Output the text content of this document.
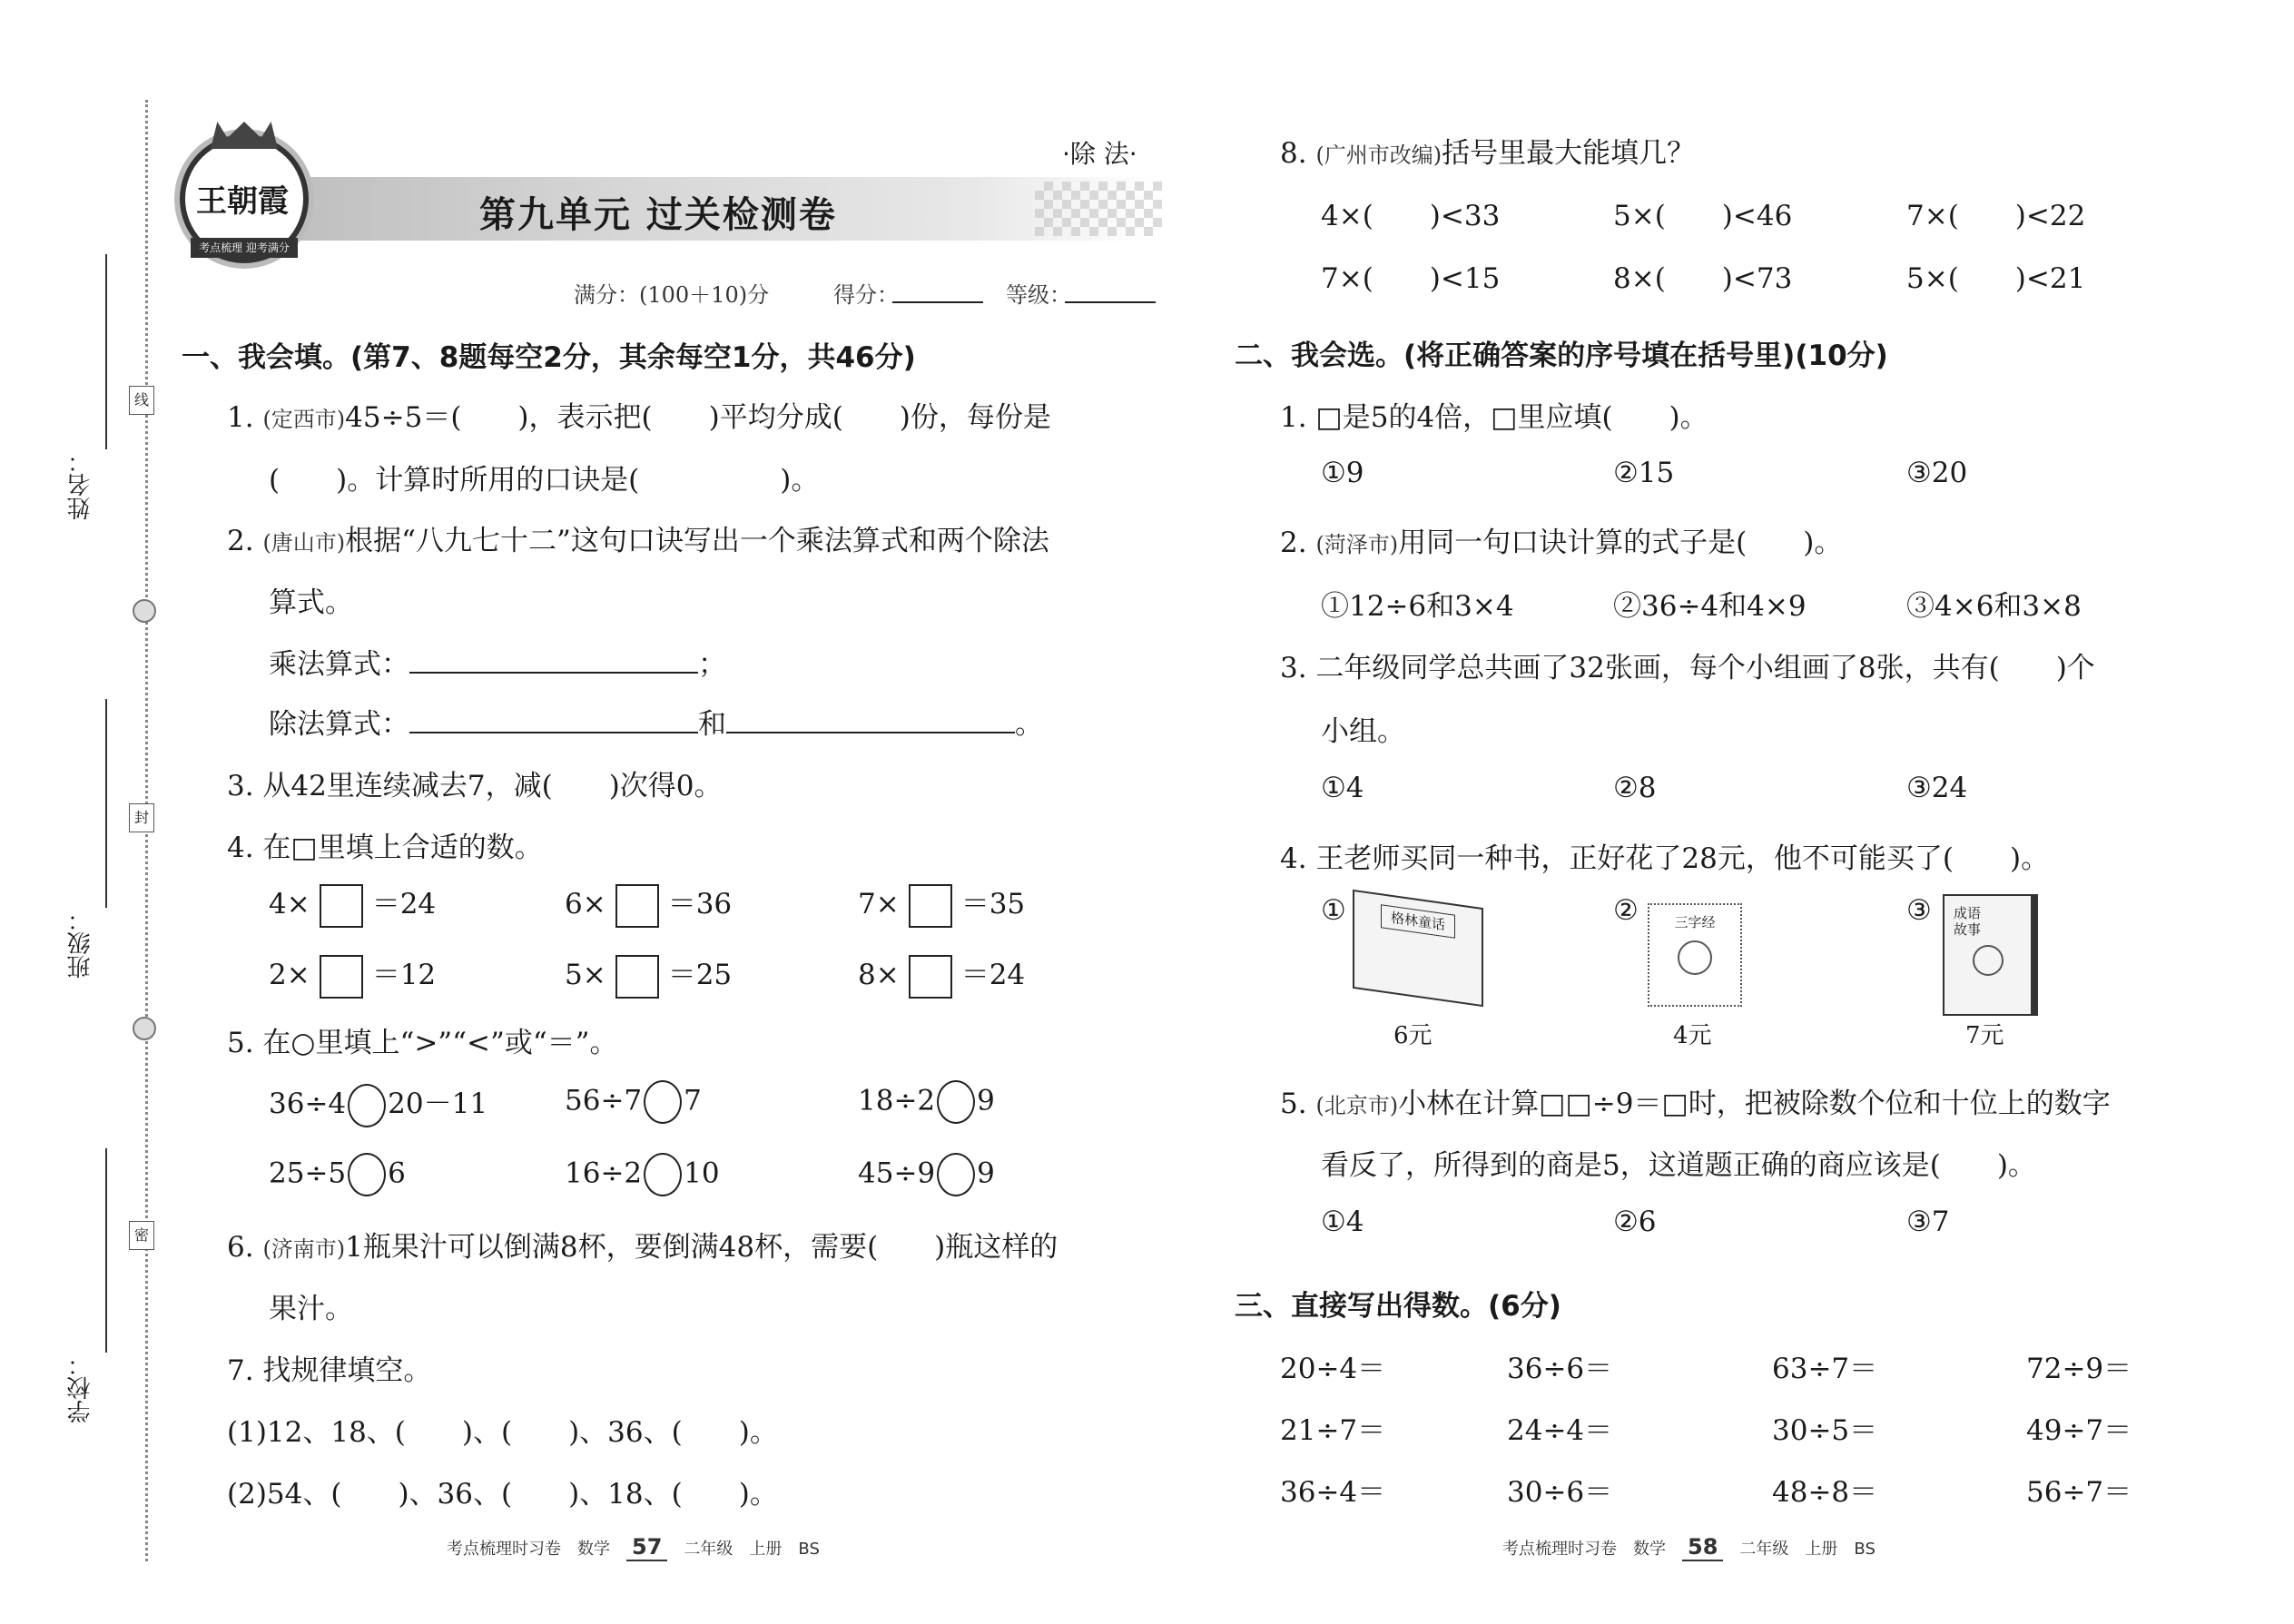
姓名：
线
班级：
封
学校：
密
王朝霞
考点梳理 迎考满分
第九单元 过关检测卷
·除 法·
满分：(100＋10)分	得分：	等级：
一、我会填。(第7、8题每空2分，其余每空1分，共46分)
1. (定西市)45÷5＝(　　)，表示把(　　)平均分成(　　)份，每份是
(　　)。计算时所用的口诀是(　　　　　)。
2. (唐山市)根据“八九七十二”这句口诀写出一个乘法算式和两个除法
算式。
乘法算式：	；
除法算式：	和	。
3. 从42里连续减去7，减(　　)次得0。
4. 在□里填上合适的数。
4× ＝24	6× ＝36	7× ＝35
2× ＝12	5× ＝25	8× ＝24
5. 在○里填上“>”“<”或“＝”。
36÷4 20－11	56÷7 7	18÷2 9
25÷5 6	16÷2 10	45÷9 9
6. (济南市)1瓶果汁可以倒满8杯，要倒满48杯，需要(　　)瓶这样的
果汁。
7. 找规律填空。
(1)12、18、(　　)、(　　)、36、(　　)。
(2)54、(　　)、36、(　　)、18、(　　)。
考点梳理时习卷　数学 57 二年级　上册　BS
8. (广州市改编)括号里最大能填几？
4×(　　)<33	5×(　　)<46	7×(　　)<22
7×(　　)<15	8×(　　)<73	5×(　　)<21
二、我会选。(将正确答案的序号填在括号里)(10分)
1. □是5的4倍，□里应填(　　)。
①9	②15	③20
2. (菏泽市)用同一句口诀计算的式子是(　　)。
①12÷6和3×4	②36÷4和4×9	③4×6和3×8
3. 二年级同学总共画了32张画，每个小组画了8张，共有(　　)个
小组。
①4	②8	③24
4. 王老师买同一种书，正好花了28元，他不可能买了(　　)。
①	格林童话
6元
②	三字经
4元
③ 成语故事
7元
5. (北京市)小林在计算□□÷9＝□时，把被除数个位和十位上的数字
看反了，所得到的商是5，这道题正确的商应该是(　　)。
①4	②6	③7
三、直接写出得数。(6分)
20÷4＝	36÷6＝	63÷7＝	72÷9＝
21÷7＝	24÷4＝	30÷5＝	49÷7＝
36÷4＝	30÷6＝	48÷8＝	56÷7＝
考点梳理时习卷　数学 58 二年级　上册　BS
